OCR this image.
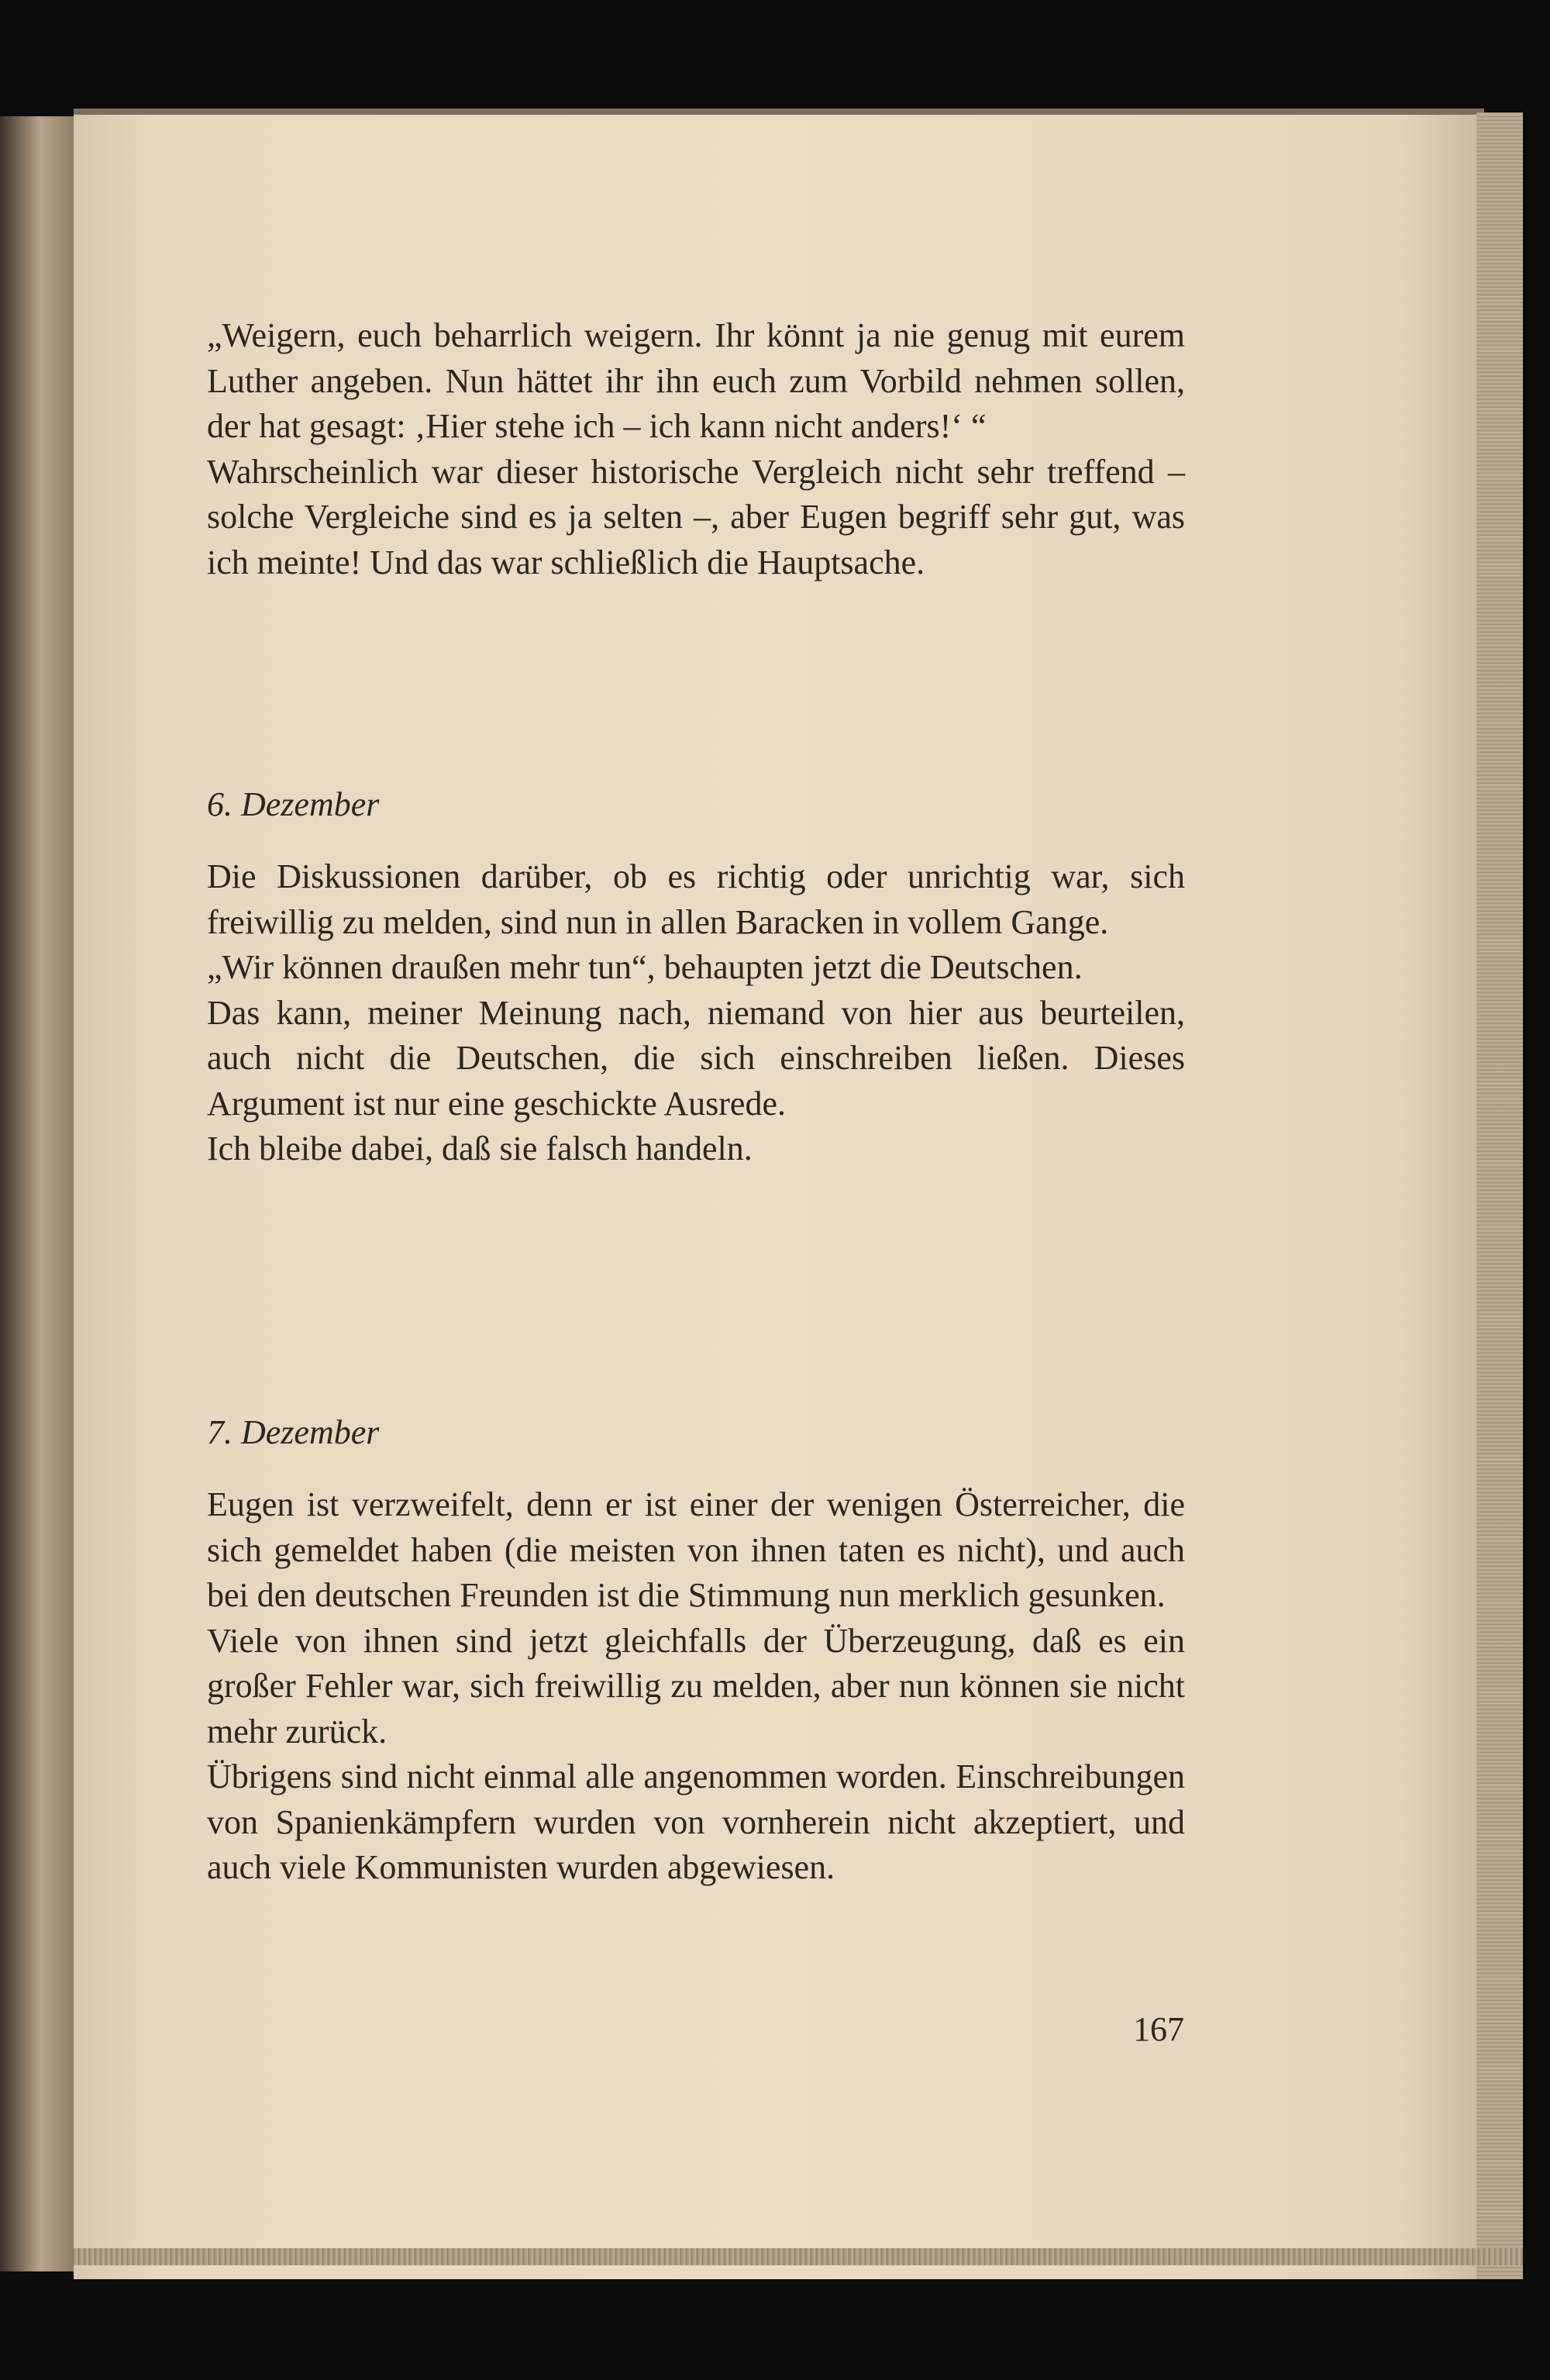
„Weigern, euch beharrlich weigern. Ihr könnt ja nie genug mit eurem Luther angeben. Nun hättet ihr ihn euch zum Vorbild nehmen sollen, der hat gesagt: ‚Hier stehe ich – ich kann nicht anders!‘ “

Wahrscheinlich war dieser historische Vergleich nicht sehr treffend – solche Vergleiche sind es ja selten –, aber Eugen begriff sehr gut, was ich meinte! Und das war schließlich die Hauptsache.

6. Dezember

Die Diskussionen darüber, ob es richtig oder unrichtig war, sich freiwillig zu melden, sind nun in allen Baracken in vollem Gange.

„Wir können draußen mehr tun“, behaupten jetzt die Deutschen.

Das kann, meiner Meinung nach, niemand von hier aus beurteilen, auch nicht die Deutschen, die sich einschreiben ließen. Dieses Argument ist nur eine geschickte Ausrede.

Ich bleibe dabei, daß sie falsch handeln.

7. Dezember

Eugen ist verzweifelt, denn er ist einer der wenigen Österreicher, die sich gemeldet haben (die meisten von ihnen taten es nicht), und auch bei den deutschen Freunden ist die Stimmung nun merklich gesunken.

Viele von ihnen sind jetzt gleichfalls der Überzeugung, daß es ein großer Fehler war, sich freiwillig zu melden, aber nun können sie nicht mehr zurück.

Übrigens sind nicht einmal alle angenommen worden. Einschreibungen von Spanienkämpfern wurden von vornherein nicht akzeptiert, und auch viele Kommunisten wurden abgewiesen.

167
